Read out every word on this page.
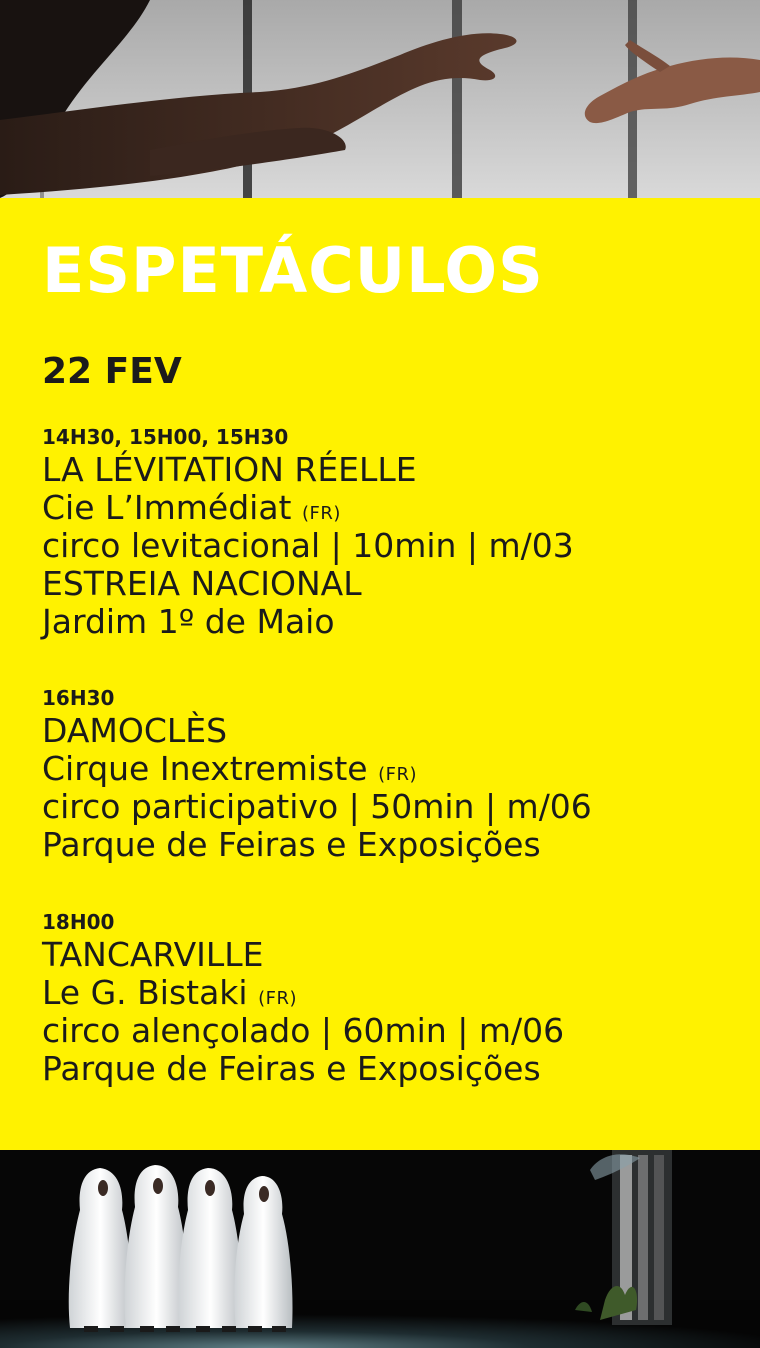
ESPETÁCULOS
22 FEV
14H30, 15H00, 15H30
LA LÉVITATION RÉELLE
Cie L’Immédiat (FR)
circo levitacional | 10min | m/03
ESTREIA NACIONAL
Jardim 1º de Maio
16H30
DAMOCLÈS
Cirque Inextremiste (FR)
circo participativo | 50min | m/06
Parque de Feiras e Exposições
18H00
TANCARVILLE
Le G. Bistaki (FR)
circo alençolado | 60min | m/06
Parque de Feiras e Exposições
